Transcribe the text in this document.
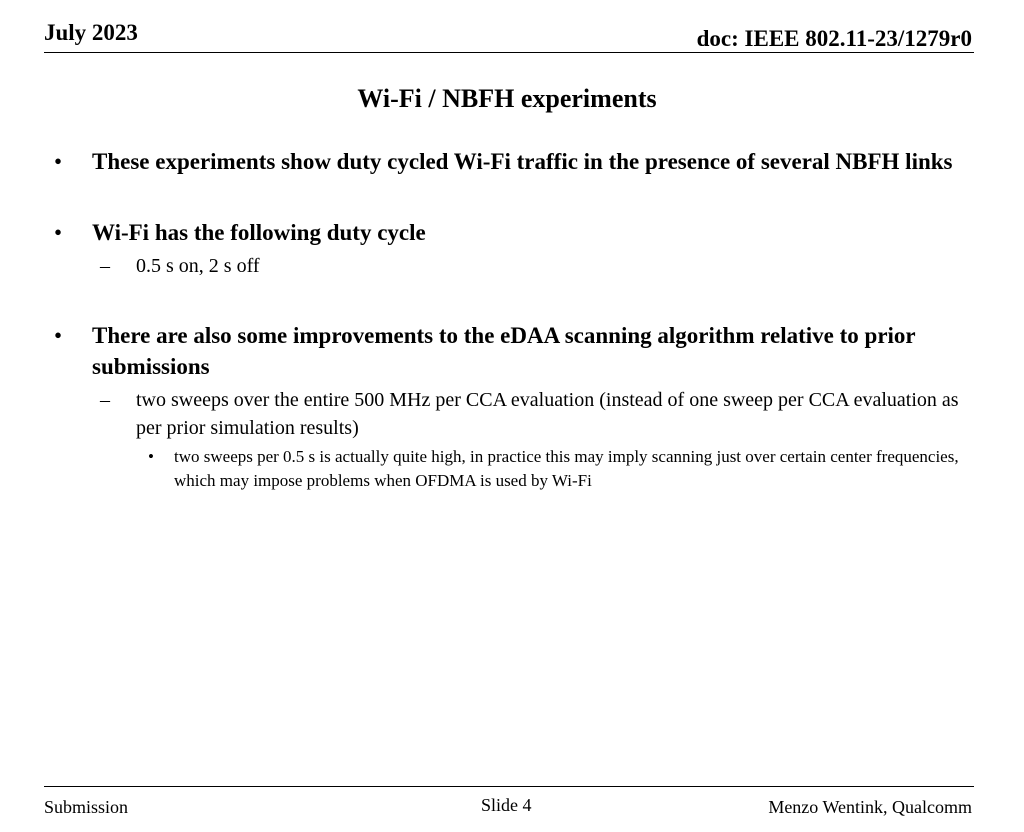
July 2023	doc: IEEE 802.11-23/1279r0
Wi-Fi / NBFH experiments
• These experiments show duty cycled Wi-Fi traffic in the presence of several NBFH links
• Wi-Fi has the following duty cycle
– 0.5 s on, 2 s off
• There are also some improvements to the eDAA scanning algorithm relative to prior submissions
– two sweeps over the entire 500 MHz per CCA evaluation (instead of one sweep per CCA evaluation as per prior simulation results)
• two sweeps per 0.5 s is actually quite high, in practice this may imply scanning just over certain center frequencies, which may impose problems when OFDMA is used by Wi-Fi
Submission	Slide 4	Menzo Wentink, Qualcomm
